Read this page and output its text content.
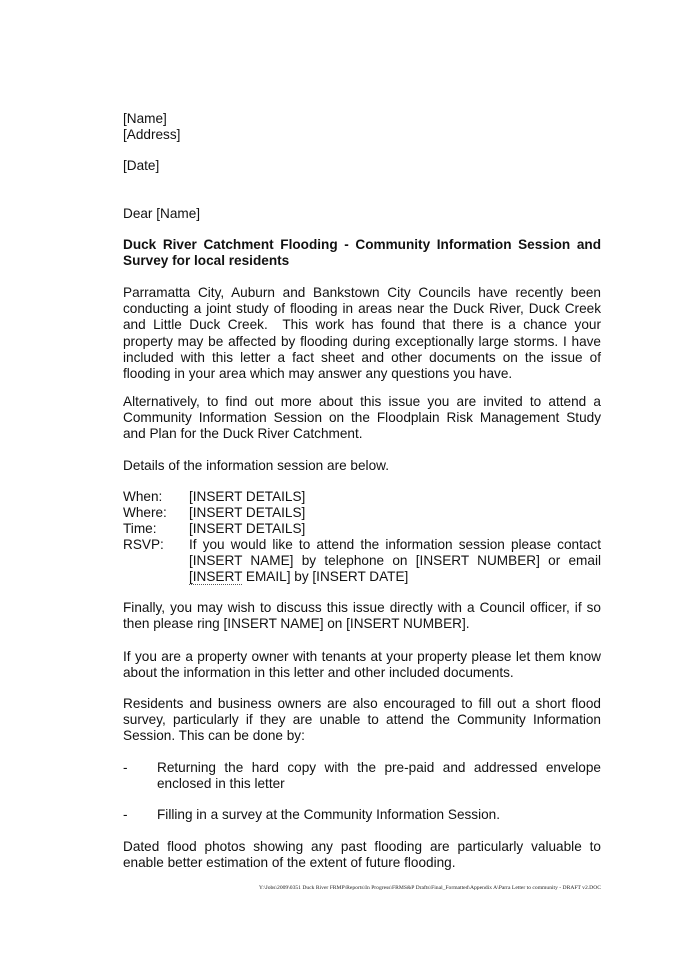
[Name]
[Address]
[Date]
Dear [Name]
Duck River Catchment Flooding - Community Information Session and
Survey for local residents
Parramatta City, Auburn and Bankstown City Councils have recently been
conducting a joint study of flooding in areas near the Duck River, Duck Creek
and Little Duck Creek.  This work has found that there is a chance your
property may be affected by flooding during exceptionally large storms. I have
included with this letter a fact sheet and other documents on the issue of
flooding in your area which may answer any questions you have.
Alternatively, to find out more about this issue you are invited to attend a
Community Information Session on the Floodplain Risk Management Study
and Plan for the Duck River Catchment.
Details of the information session are below.
When:	[INSERT DETAILS]
Where:	[INSERT DETAILS]
Time:	[INSERT DETAILS]
RSVP:	If you would like to attend the information session please contact
[INSERT NAME] by telephone on [INSERT NUMBER] or email
[INSERT EMAIL] by [INSERT DATE]
Finally, you may wish to discuss this issue directly with a Council officer, if so
then please ring [INSERT NAME] on [INSERT NUMBER].
If you are a property owner with tenants at your property please let them know
about the information in this letter and other included documents.
Residents and business owners are also encouraged to fill out a short flood
survey, particularly if they are unable to attend the Community Information
Session. This can be done by:
- Returning the hard copy with the pre-paid and addressed envelope
enclosed in this letter
- Filling in a survey at the Community Information Session.
Dated flood photos showing any past flooding are particularly valuable to
enable better estimation of the extent of future flooding.
Y:\Jobs\2009\0351 Duck River FRMP\Reports\In Progress\FRMS&P Drafts\Final_Formatted\Appendix A\Parra Letter to community - DRAFT v2.DOC
